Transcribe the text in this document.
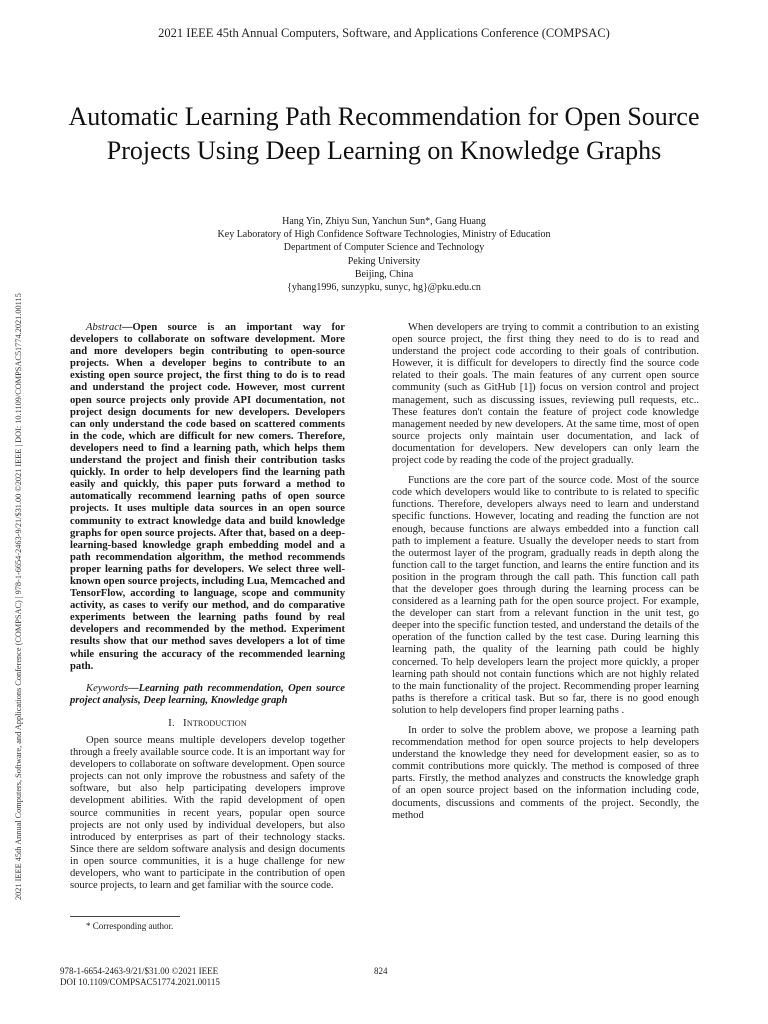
2021 IEEE 45th Annual Computers, Software, and Applications Conference (COMPSAC)
2021 IEEE 45th Annual Computers, Software, and Applications Conference (COMPSAC) | 978-1-6654-2463-9/21/$31.00 ©2021 IEEE | DOI: 10.1109/COMPSAC51774.2021.00115
Automatic Learning Path Recommendation for Open Source Projects Using Deep Learning on Knowledge Graphs
Hang Yin, Zhiyu Sun, Yanchun Sun*, Gang Huang
Key Laboratory of High Confidence Software Technologies, Ministry of Education
Department of Computer Science and Technology
Peking University
Beijing, China
{yhang1996, sunzypku, sunyc, hg}@pku.edu.cn

Abstract—Open source is an important way for developers to collaborate on software development. More and more developers begin contributing to open-source projects. When a developer begins to contribute to an existing open source project, the first thing to do is to read and understand the project code. However, most current open source projects only provide API documentation, not project design documents for new developers. Developers can only understand the code based on scattered comments in the code, which are difficult for new comers. Therefore, developers need to find a learning path, which helps them understand the project and finish their contribution tasks quickly. In order to help developers find the learning path easily and quickly, this paper puts forward a method to automatically recommend learning paths of open source projects. It uses multiple data sources in an open source community to extract knowledge data and build knowledge graphs for open source projects. After that, based on a deep-learning-based knowledge graph embedding model and a path recommendation algorithm, the method recommends proper learning paths for developers. We select three well-known open source projects, including Lua, Memcached and TensorFlow, according to language, scope and community activity, as cases to verify our method, and do comparative experiments between the learning paths found by real developers and recommended by the method. Experiment results show that our method saves developers a lot of time while ensuring the accuracy of the recommended learning path.

Keywords—Learning path recommendation, Open source project analysis, Deep learning, Knowledge graph

I. Introduction

Open source means multiple developers develop together through a freely available source code. It is an important way for developers to collaborate on software development. Open source projects can not only improve the robustness and safety of the software, but also help participating developers improve development abilities. With the rapid development of open source communities in recent years, popular open source projects are not only used by individual developers, but also introduced by enterprises as part of their technology stacks. Since there are seldom software analysis and design documents in open source communities, it is a huge challenge for new developers, who want to participate in the contribution of open source projects, to learn and get familiar with the source code.

When developers are trying to commit a contribution to an existing open source project, the first thing they need to do is to read and understand the project code according to their goals of contribution. However, it is difficult for developers to directly find the source code related to their goals. The main features of any current open source community (such as GitHub [1]) focus on version control and project management, such as discussing issues, reviewing pull requests, etc.. These features don't contain the feature of project code knowledge management needed by new developers. At the same time, most of open source projects only maintain user documentation, and lack of documentation for developers. New developers can only learn the project code by reading the code of the project gradually.

Functions are the core part of the source code. Most of the source code which developers would like to contribute to is related to specific functions. Therefore, developers always need to learn and understand specific functions. However, locating and reading the function are not enough, because functions are always embedded into a function call path to implement a feature. Usually the developer needs to start from the outermost layer of the program, gradually reads in depth along the function call to the target function, and learns the entire function and its position in the program through the call path. This function call path that the developer goes through during the learning process can be considered as a learning path for the open source project. For example, the developer can start from a relevant function in the unit test, go deeper into the specific function tested, and understand the details of the operation of the function called by the test case. During learning this learning path, the quality of the learning path could be highly concerned. To help developers learn the project more quickly, a proper learning path should not contain functions which are not highly related to the main functionality of the project. Recommending proper learning paths is therefore a critical task. But so far, there is no good enough solution to help developers find proper learning paths .

In order to solve the problem above, we propose a learning path recommendation method for open source projects to help developers understand the knowledge they need for development easier, so as to commit contributions more quickly. The method is composed of three parts. Firstly, the method analyzes and constructs the knowledge graph of an open source project based on the information including code, documents, discussions and comments of the project. Secondly, the method

* Corresponding author.
978-1-6654-2463-9/21/$31.00 ©2021 IEEE
DOI 10.1109/COMPSAC51774.2021.00115
824
